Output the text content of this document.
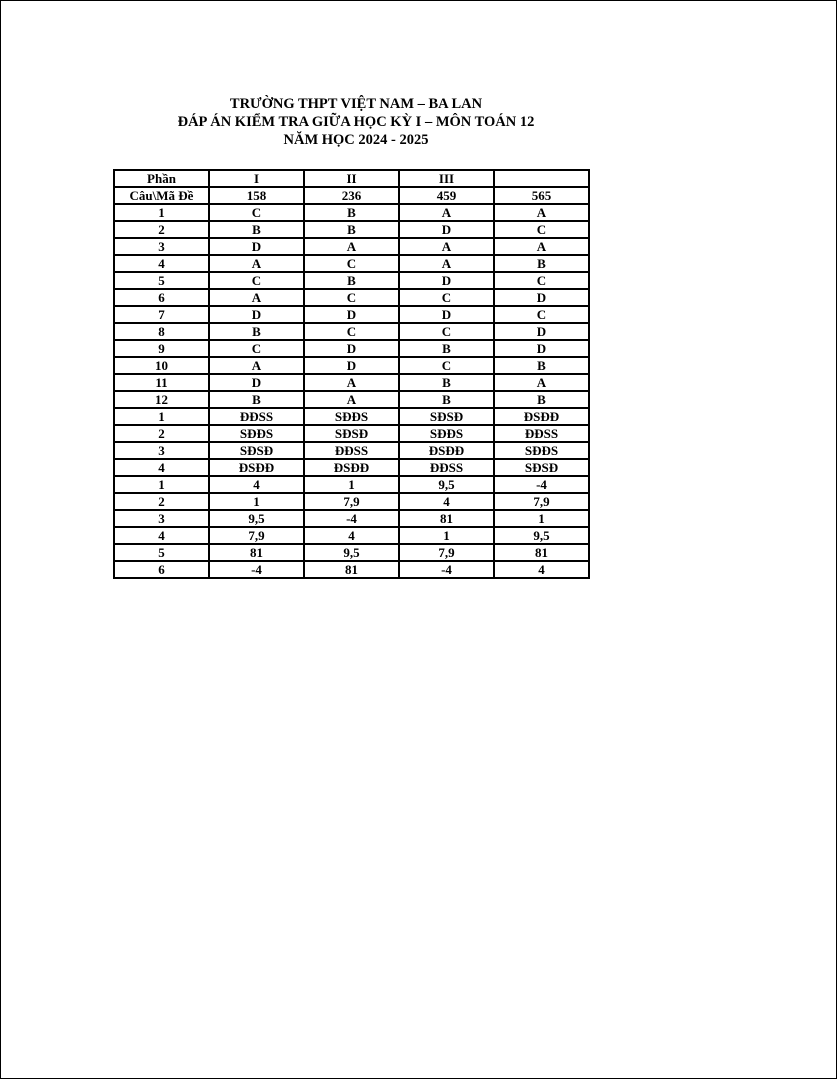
TRƯỜNG THPT VIỆT NAM – BA LAN
ĐÁP ÁN KIỂM TRA GIỮA HỌC KỲ I – MÔN TOÁN 12
NĂM HỌC 2024 - 2025
Phần	I	II	III	
Câu\Mã Đề	158	236	459	565
1	C	B	A	A
2	B	B	D	C
3	D	A	A	A
4	A	C	A	B
5	C	B	D	C
6	A	C	C	D
7	D	D	D	C
8	B	C	C	D
9	C	D	B	D
10	A	D	C	B
11	D	A	B	A
12	B	A	B	B
1	ĐĐSS	SĐĐS	SĐSĐ	ĐSĐĐ
2	SĐĐS	SĐSĐ	SĐĐS	ĐĐSS
3	SĐSĐ	ĐĐSS	ĐSĐĐ	SĐĐS
4	ĐSĐĐ	ĐSĐĐ	ĐĐSS	SĐSĐ
1	4	1	9,5	-4
2	1	7,9	4	7,9
3	9,5	-4	81	1
4	7,9	4	1	9,5
5	81	9,5	7,9	81
6	-4	81	-4	4
